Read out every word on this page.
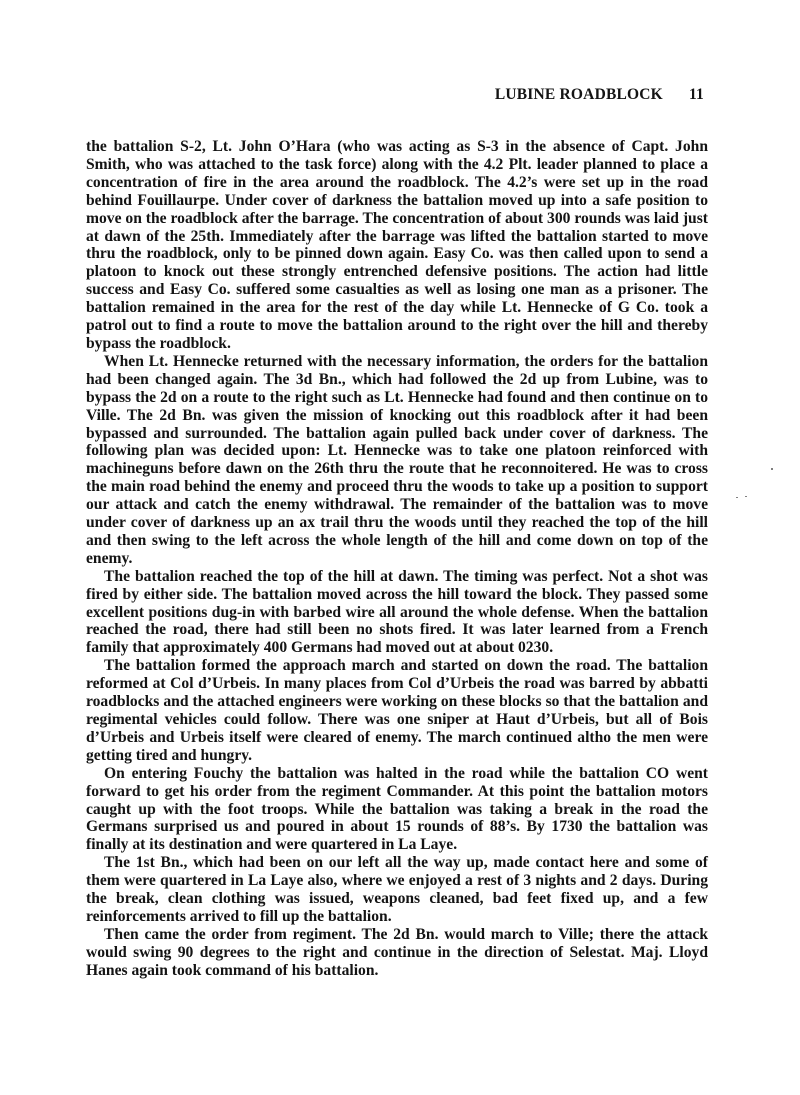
LUBINE ROADBLOCK 11

the battalion S-2, Lt. John O’Hara (who was acting as S-3 in the absence of Capt. John Smith, who was attached to the task force) along with the 4.2 Plt. leader planned to place a concentration of fire in the area around the roadblock. The 4.2’s were set up in the road behind Fouillaurpe. Under cover of darkness the battalion moved up into a safe position to move on the roadblock after the barrage. The concentration of about 300 rounds was laid just at dawn of the 25th. Immediately after the barrage was lifted the battalion started to move thru the roadblock, only to be pinned down again. Easy Co. was then called upon to send a platoon to knock out these strongly entrenched defensive positions. The action had little success and Easy Co. suffered some casualties as well as losing one man as a prisoner. The battalion remained in the area for the rest of the day while Lt. Hennecke of G Co. took a patrol out to find a route to move the battalion around to the right over the hill and thereby bypass the roadblock.

When Lt. Hennecke returned with the necessary information, the orders for the battalion had been changed again. The 3d Bn., which had followed the 2d up from Lubine, was to bypass the 2d on a route to the right such as Lt. Hennecke had found and then continue on to Ville. The 2d Bn. was given the mission of knocking out this roadblock after it had been bypassed and surrounded. The battalion again pulled back under cover of darkness. The following plan was decided upon: Lt. Hennecke was to take one platoon reinforced with machineguns before dawn on the 26th thru the route that he reconnoitered. He was to cross the main road behind the enemy and proceed thru the woods to take up a position to support our attack and catch the enemy withdrawal. The remainder of the battalion was to move under cover of darkness up an ax trail thru the woods until they reached the top of the hill and then swing to the left across the whole length of the hill and come down on top of the enemy.

The battalion reached the top of the hill at dawn. The timing was perfect. Not a shot was fired by either side. The battalion moved across the hill toward the block. They passed some excellent positions dug-in with barbed wire all around the whole defense. When the battalion reached the road, there had still been no shots fired. It was later learned from a French family that approximately 400 Germans had moved out at about 0230.

The battalion formed the approach march and started on down the road. The battalion reformed at Col d’Urbeis. In many places from Col d’Urbeis the road was barred by abbatti roadblocks and the attached engineers were working on these blocks so that the battalion and regimental vehicles could follow. There was one sniper at Haut d’Urbeis, but all of Bois d’Urbeis and Urbeis itself were cleared of enemy. The march continued altho the men were getting tired and hungry.

On entering Fouchy the battalion was halted in the road while the battalion CO went forward to get his order from the regiment Commander. At this point the battalion motors caught up with the foot troops. While the battalion was taking a break in the road the Germans surprised us and poured in about 15 rounds of 88’s. By 1730 the battalion was finally at its destination and were quartered in La Laye.

The 1st Bn., which had been on our left all the way up, made contact here and some of them were quartered in La Laye also, where we enjoyed a rest of 3 nights and 2 days. During the break, clean clothing was issued, weapons cleaned, bad feet fixed up, and a few reinforcements arrived to fill up the battalion.

Then came the order from regiment. The 2d Bn. would march to Ville; there the attack would swing 90 degrees to the right and continue in the direction of Selestat. Maj. Lloyd Hanes again took command of his battalion.
